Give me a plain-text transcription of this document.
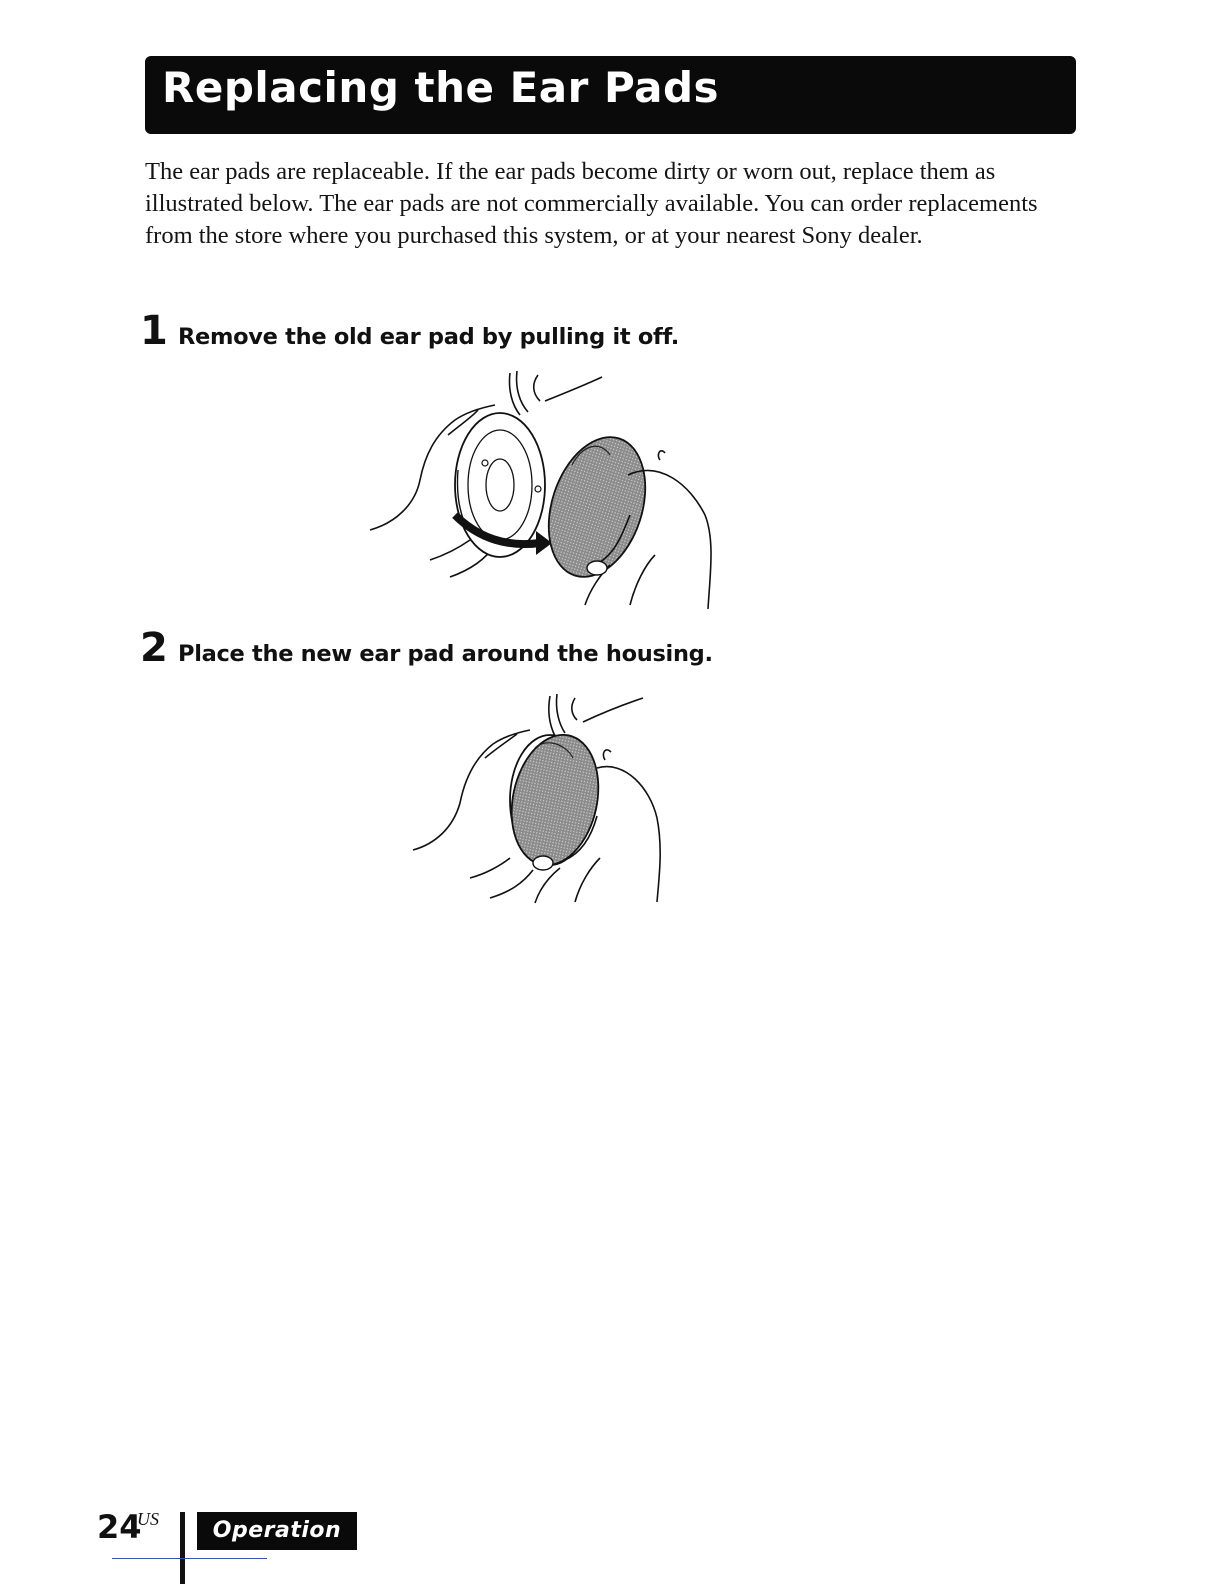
Replacing the Ear Pads

The ear pads are replaceable. If the ear pads become dirty or worn out, replace them as illustrated below. The ear pads are not commercially available. You can order replacements from the store where you purchased this system, or at your nearest Sony dealer.

1 Remove the old ear pad by pulling it off.
2 Place the new ear pad around the housing.
24
US	Operation
